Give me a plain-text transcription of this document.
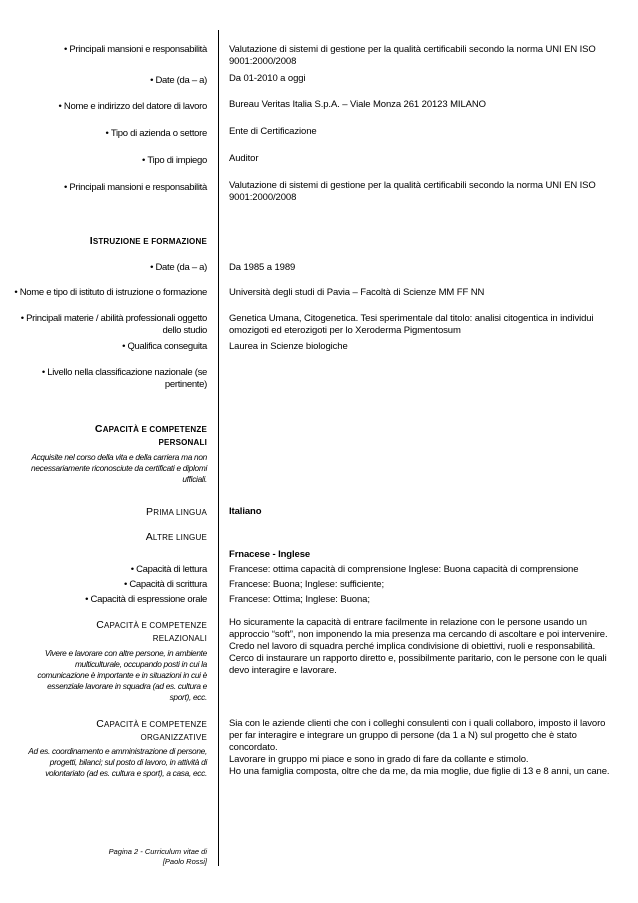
• Principali mansioni e responsabilità Valutazione di sistemi di gestione per la qualità certificabili secondo la norma UNI EN ISO 9001:2000/2008
• Date (da – a) Da 01-2010 a oggi
• Nome e indirizzo del datore di lavoro Bureau Veritas Italia S.p.A. – Viale Monza 261 20123 MILANO
• Tipo di azienda o settore Ente di Certificazione
• Tipo di impiego Auditor
• Principali mansioni e responsabilità Valutazione di sistemi di gestione per la qualità certificabili secondo la norma UNI EN ISO 9001:2000/2008
ISTRUZIONE E FORMAZIONE
• Date (da – a) Da 1985 a 1989
• Nome e tipo di istituto di istruzione o formazione Università degli studi di Pavia – Facoltà di Scienze MM FF NN
• Principali materie / abilità professionali oggetto dello studio
Genetica Umana, Citogenetica. Tesi sperimentale dal titolo: analisi citogentica in individui omozigoti ed eterozigoti per lo Xeroderma Pigmentosum
• Qualifica conseguita Laurea in Scienze biologiche
• Livello nella classificazione nazionale (se pertinente)
CAPACITÀ E COMPETENZE
PERSONALI
Acquisite nel corso della vita e della carriera ma non necessariamente riconosciute da certificati e diplomi ufficiali.
PRIMA LINGUA Italiano
ALTRE LINGUE
Frnacese - Inglese
• Capacità di lettura Francese: ottima capacità di comprensione Inglese: Buona capacità di comprensione
• Capacità di scrittura Francese: Buona; Inglese: sufficiente;
• Capacità di espressione orale Francese: Ottima; Inglese: Buona;
CAPACITÀ E COMPETENZE
RELAZIONALI
Vivere e lavorare con altre persone, in ambiente multiculturale, occupando posti in cui la comunicazione è importante e in situazioni in cui è essenziale lavorare in squadra (ad es. cultura e sport), ecc.
Ho sicuramente la capacità di entrare facilmente in relazione con le persone usando un approccio “soft”, non imponendo la mia presenza ma cercando di ascoltare e poi intervenire.
Credo nel lavoro di squadra perché implica condivisione di obiettivi, ruoli e responsabilità.
Cerco di instaurare un rapporto diretto e, possibilmente paritario, con le persone con le quali devo interagire e lavorare.
CAPACITÀ E COMPETENZE
ORGANIZZATIVE
Ad es. coordinamento e amministrazione di persone, progetti, bilanci; sul posto di lavoro, in attività di volontariato (ad es. cultura e sport), a casa, ecc.
Sia con le aziende clienti che con i colleghi consulenti con i quali collaboro, imposto il lavoro per far interagire e integrare un gruppo di persone (da 1 a N) sul progetto che è stato concordato.
Lavorare in gruppo mi piace e sono in grado di fare da collante e stimolo.
Ho una famiglia composta, oltre che da me, da mia moglie, due figlie di 13 e 8 anni, un cane.
Pagina 2 - Curriculum vitae di
[Paolo Rossi]
